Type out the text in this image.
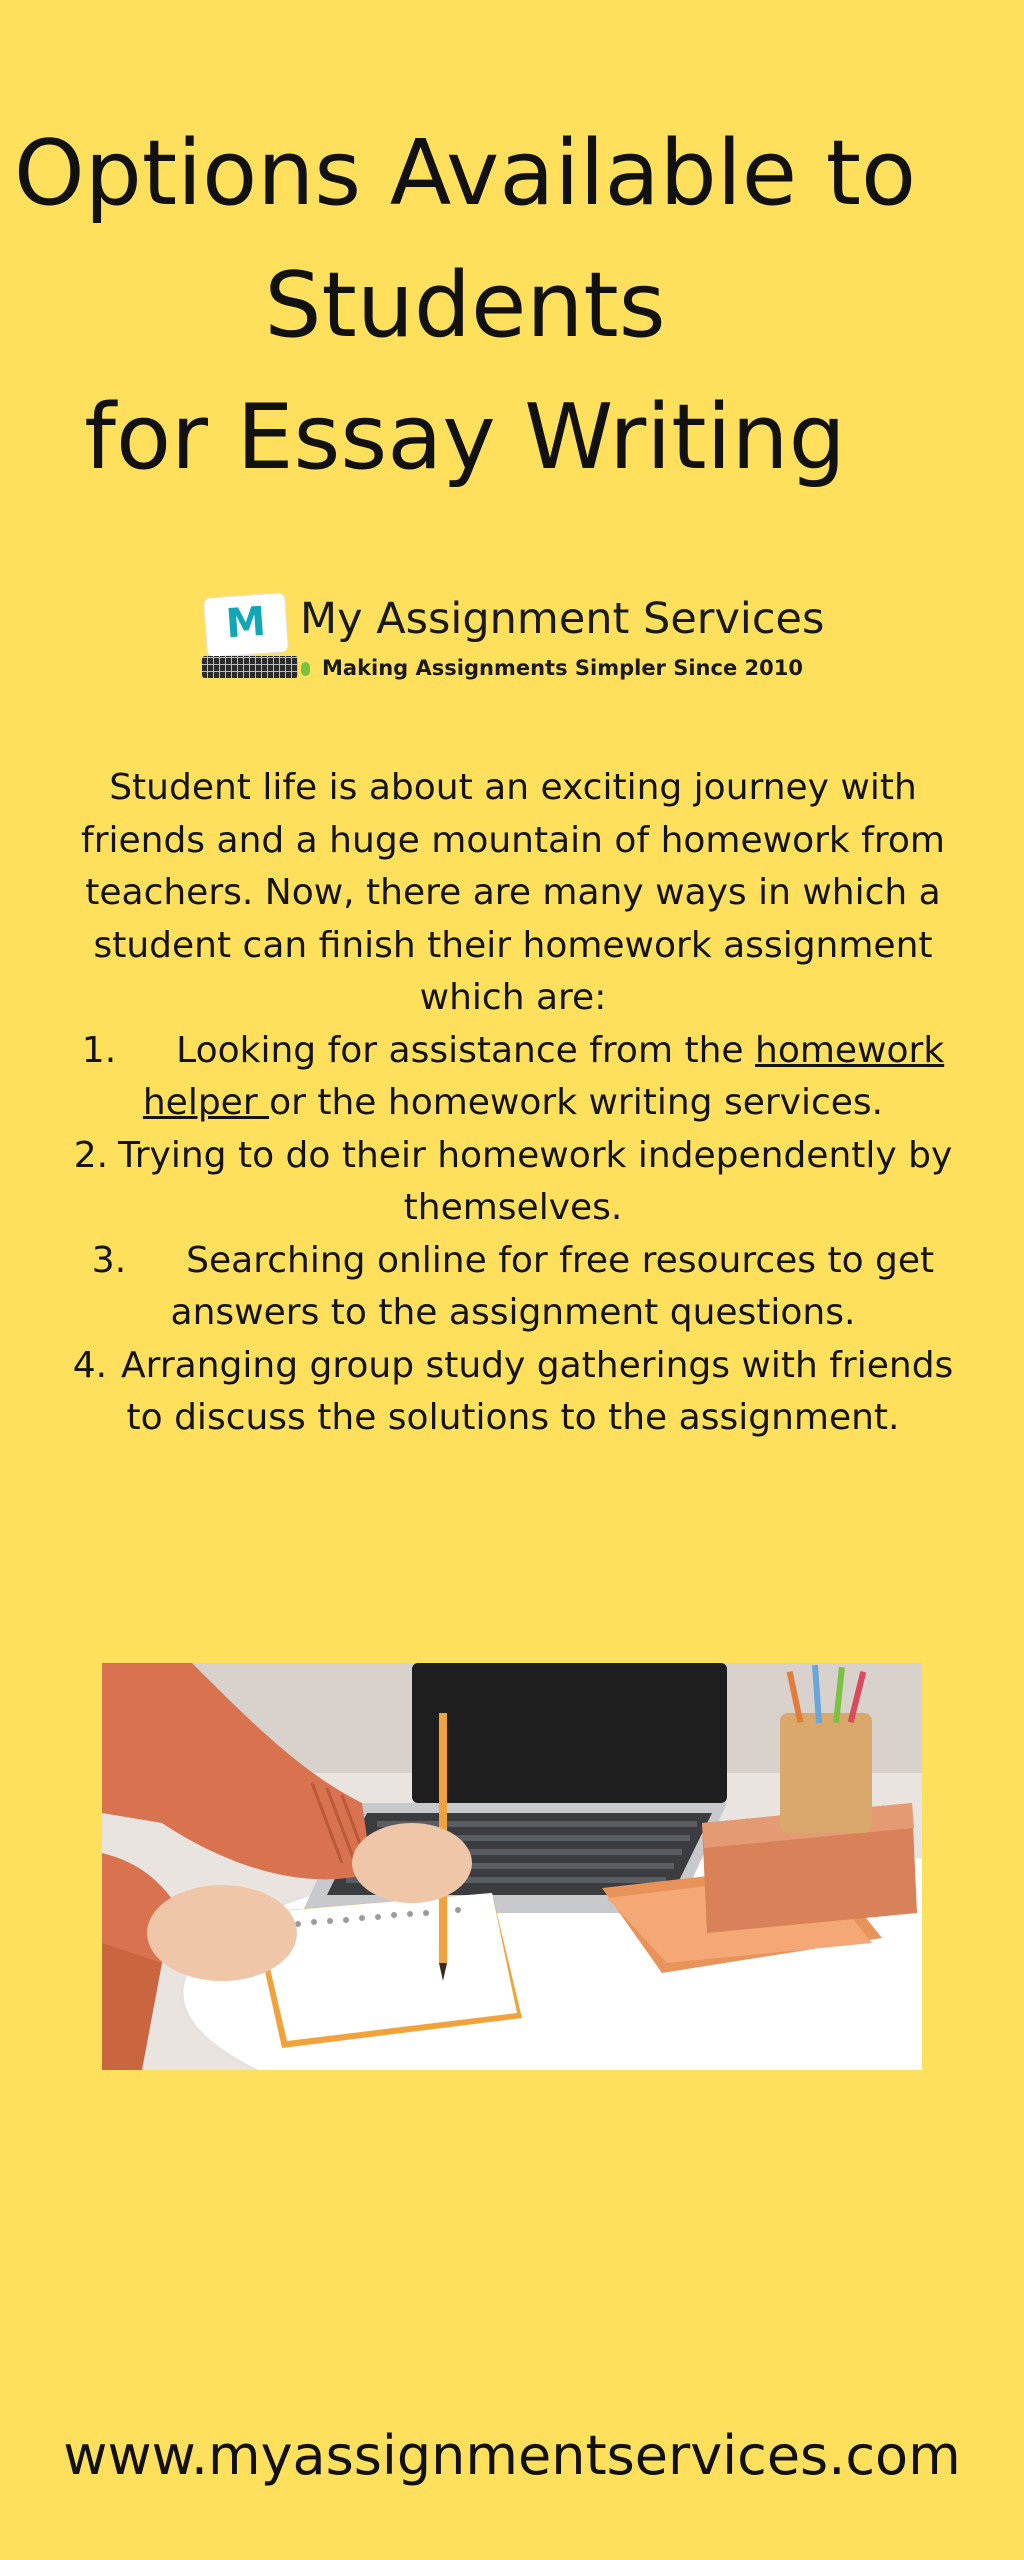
Options Available to
Students
for Essay Writing
M My Assignment Services
Making Assignments Simpler Since 2010

Student life is about an exciting journey with friends and a huge mountain of homework from teachers. Now, there are many ways in which a student can finish their homework assignment which are:

1. Looking for assistance from the homework helper or the homework writing services.
2. Trying to do their homework independently by themselves.
3. Searching online for free resources to get answers to the assignment questions.
4. Arranging group study gatherings with friends to discuss the solutions to the assignment.

www.myassignmentservices.com
